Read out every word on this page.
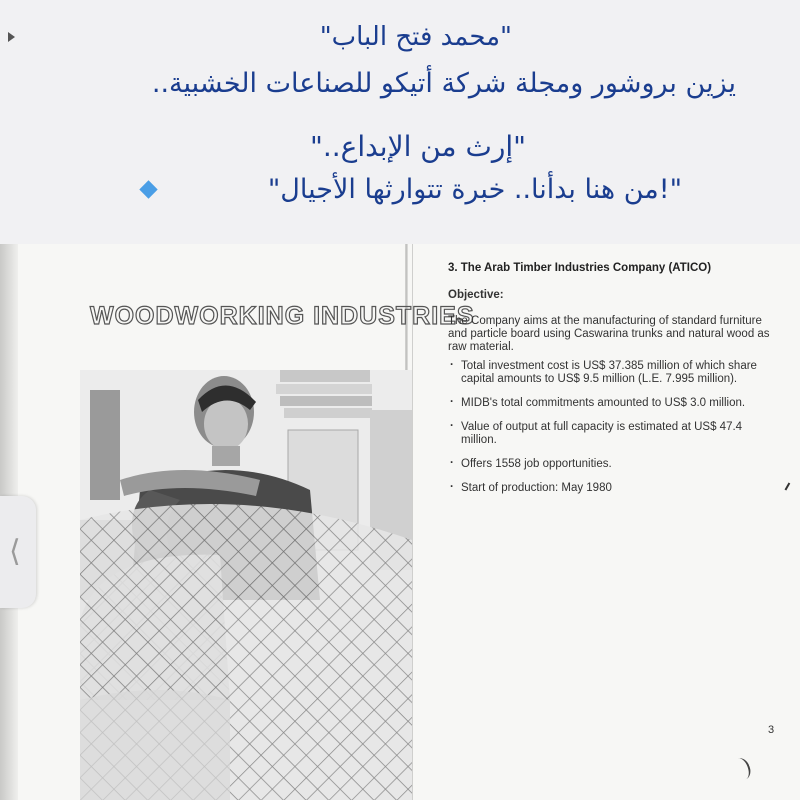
"محمد فتح الباب"
يزين بروشور ومجلة شركة أتيكو للصناعات الخشبية..
"إرث من الإبداع.."
"!من هنا بدأنا.. خبرة تتوارثها الأجيال"
WOODWORKING INDUSTRIES
3. The Arab Timber Industries Company (ATICO)
Objective:
The Company aims at the manufacturing of standard furniture and particle board using Caswarina trunks and natural wood as raw material.
· Total investment cost is US$ 37.385 million of which share capital amounts to US$ 9.5 million (L.E. 7.995 million).
· MIDB's total commitments amounted to US$ 3.0 million.
· Value of output at full capacity is estimated at US$ 47.4 million.
· Offers 1558 job opportunities.
· Start of production: May 1980
3
⟨
